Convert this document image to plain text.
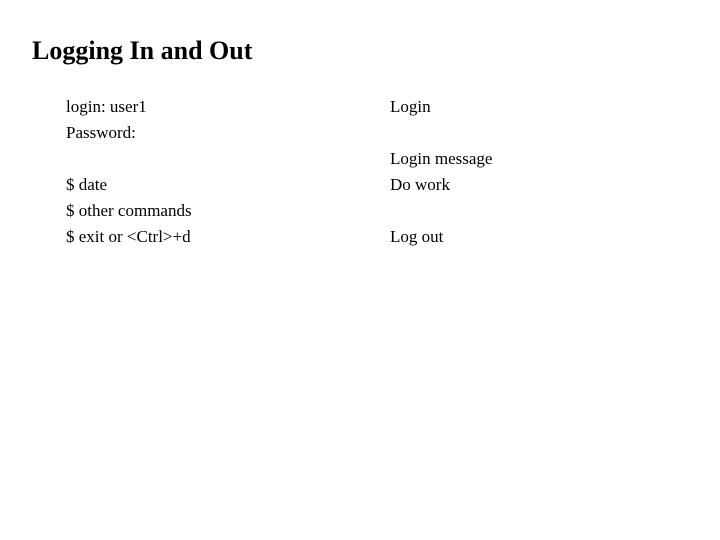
Logging In and Out
login: user1
Password:
$ date
$ other commands
$ exit or <Ctrl>+d
Login
Login message
Do work
Log out
